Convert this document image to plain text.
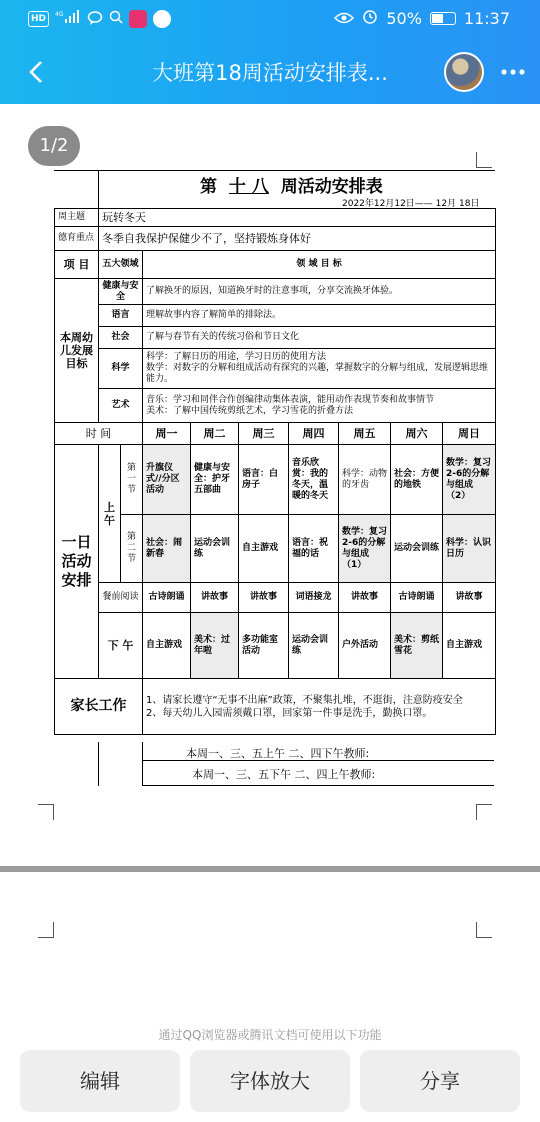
HD	4G	50%	11:37
大班第18周活动安排表...
1/2
第 十 八 周活动安排表
2022年12月12日—— 12月 18日
周主题	玩转冬天								
德育重点	冬季自我保护保健少不了，坚持锻炼身体好								
项 目	五大领域		领 域 目 标						
本周幼儿发展目标	健康与安全		了解换牙的原因，知道换牙时的注意事项，分享交流换牙体验。						
	语言		理解故事内容了解简单的排除法。						
	社会		了解与春节有关的传统习俗和节日文化						
	科学		科学：了解日历的用途，学习日历的使用方法
数学：对数字的分解和组成活动有探究的兴趣，掌握数字的分解与组成，发展逻辑思维能力。						

	艺术		音乐：学习和同伴合作创编律动集体表演，能用动作表现节奏和故事情节
美术：了解中国传统剪纸艺术，学习雪花的折叠方法						

时 间			周一	周二	周三	周四	周五	周六	周日
一日活动安排	上午	第一节	升旗仪式//分区活动	健康与安全：护牙五部曲	语言：白房子	音乐欣赏：我的冬天，温暖的冬天	科学：动物的牙齿	社会：方便的地铁	数学：复习2-6的分解与组成（2）
		第二节	社会：闹新春	运动会训练	自主游戏	语言：祝福的话	数学：复习2-6的分解与组成（1）	运动会训练	科学：认识日历
	餐前阅读		古诗朗诵	讲故事	讲故事	词语接龙	讲故事	古诗朗诵	讲故事
	下 午		自主游戏	美术：过年啦	多功能室活动	运动会训练	户外活动	美术：剪纸雪花	自主游戏
家长工作			1、请家长遵守“无事不出麻”政策，不聚集扎堆，不逛街，注意防疫安全
2、每天幼儿入园需须戴口罩，回家第一件事是洗手，勤换口罩。						
本周一、三、五上午 二、四下午教师:
本周一、三、五下午 二、四上午教师:
通过QQ浏览器或腾讯文档可使用以下功能
编辑	字体放大	分享
